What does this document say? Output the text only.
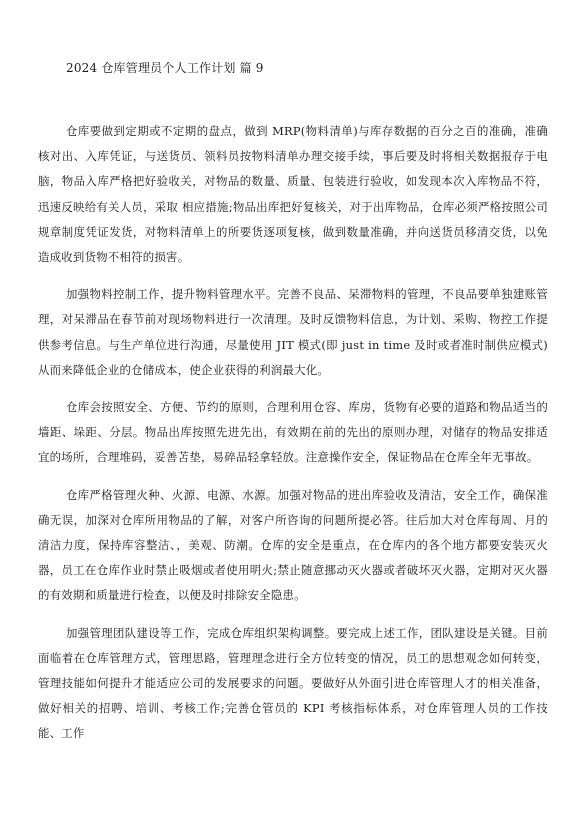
2024 仓库管理员个人工作计划 篇 9

仓库要做到定期或不定期的盘点，做到 MRP(物料清单)与库存数据的百分之百的准确，准确核对出、入库凭证，与送货员、领料员按物料清单办理交接手续，事后要及时将相关数据报存于电脑，物品入库严格把好验收关，对物品的数量、质量、包装进行验收，如发现本次入库物品不符，迅速反映给有关人员，采取 相应措施;物品出库把好复核关，对于出库物品，仓库必须严格按照公司规章制度凭证发货，对物料清单上的所要货逐项复核，做到数量准确，并向送货员移清交货，以免造成收到货物不相符的损害。

加强物料控制工作，提升物料管理水平。完善不良品、呆滞物料的管理，不良品要单独建账管理，对呆滞品在春节前对现场物料进行一次清理。及时反馈物料信息，为计划、采购、物控工作提供参考信息。与生产单位进行沟通，尽量使用 JIT 模式(即 just in time 及时或者准时制供应模式)从而来降低企业的仓储成本，使企业获得的利润最大化。

仓库会按照安全、方便、节约的原则，合理利用仓容、库房，货物有必要的道路和物品适当的墙距、垛距、分层。物品出库按照先进先出，有效期在前的先出的原则办理，对储存的物品安排适宜的场所，合理堆码，妥善苫垫，易碎品轻拿轻放。注意操作安全，保证物品在仓库全年无事故。

仓库严格管理火种、火源、电源、水源。加强对物品的进出库验收及清洁，安全工作，确保准确无误，加深对仓库所用物品的了解，对客户所咨询的问题所提必答。往后加大对仓库每周、月的清洁力度，保持库容整洁、，美观、防潮。仓库的安全是重点，在仓库内的各个地方都要安装灭火器，员工在仓库作业时禁止吸烟或者使用明火;禁止随意挪动灭火器或者破坏灭火器，定期对灭火器的有效期和质量进行检查，以便及时排除安全隐患。

加强管理团队建设等工作，完成仓库组织架构调整。要完成上述工作，团队建设是关键。目前面临着在仓库管理方式，管理思路，管理理念进行全方位转变的情况，员工的思想观念如何转变，管理技能如何提升才能适应公司的发展要求的问题。要做好从外面引进仓库管理人才的相关准备，做好相关的招聘、培训、考核工作;完善仓管员的 KPI 考核指标体系，对仓库管理人员的工作技能、工作
